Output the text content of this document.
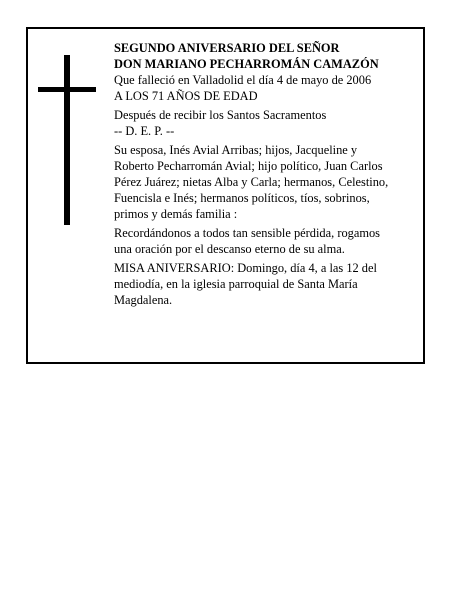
SEGUNDO ANIVERSARIO DEL SEÑOR
DON MARIANO PECHARROMÁN CAMAZÓN
Que falleció en Valladolid el día 4 de mayo de 2006
A LOS 71 AÑOS DE EDAD
Después de recibir los Santos Sacramentos
-- D. E. P. --
Su esposa, Inés Avial Arribas; hijos, Jacqueline y
Roberto Pecharromán Avial; hijo político, Juan Carlos
Pérez Juárez; nietas Alba y Carla; hermanos, Celestino,
Fuencisla e Inés; hermanos políticos, tíos, sobrinos,
primos y demás familia :
Recordándonos a todos tan sensible pérdida, rogamos
una oración por el descanso eterno de su alma.
MISA ANIVERSARIO: Domingo, día 4, a las 12 del
mediodía, en la iglesia parroquial de Santa María
Magdalena.
